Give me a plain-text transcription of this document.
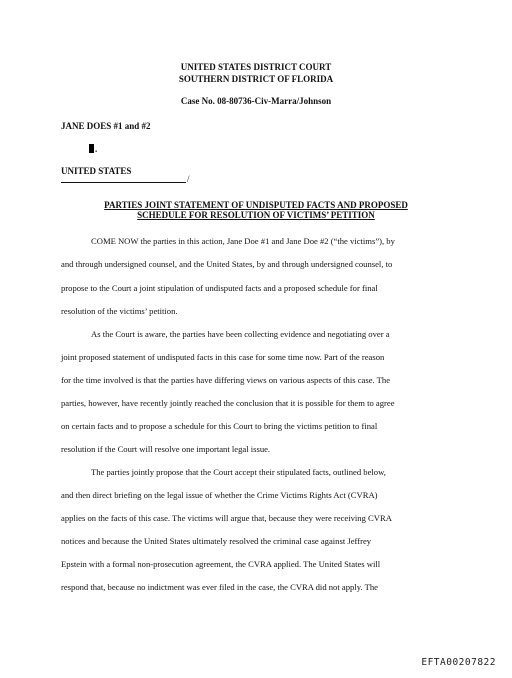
UNITED STATES DISTRICT COURT
SOUTHERN DISTRICT OF FLORIDA
Case No. 08-80736-Civ-Marra/Johnson
JANE DOES #1 and #2
.
UNITED STATES
/
PARTIES JOINT STATEMENT OF UNDISPUTED FACTS AND PROPOSED
SCHEDULE FOR RESOLUTION OF VICTIMS’ PETITION
COME NOW the parties in this action, Jane Doe #1 and Jane Doe #2 (“the victims”), by
and through undersigned counsel, and the United States, by and through undersigned counsel, to
propose to the Court a joint stipulation of undisputed facts and a proposed schedule for final
resolution of the victims’ petition.
As the Court is aware, the parties have been collecting evidence and negotiating over a
joint proposed statement of undisputed facts in this case for some time now. Part of the reason
for the time involved is that the parties have differing views on various aspects of this case. The
parties, however, have recently jointly reached the conclusion that it is possible for them to agree
on certain facts and to propose a schedule for this Court to bring the victims petition to final
resolution if the Court will resolve one important legal issue.
The parties jointly propose that the Court accept their stipulated facts, outlined below,
and then direct briefing on the legal issue of whether the Crime Victims Rights Act (CVRA)
applies on the facts of this case. The victims will argue that, because they were receiving CVRA
notices and because the United States ultimately resolved the criminal case against Jeffrey
Epstein with a formal non-prosecution agreement, the CVRA applied. The United States will
respond that, because no indictment was ever filed in the case, the CVRA did not apply. The
EFTA00207822
